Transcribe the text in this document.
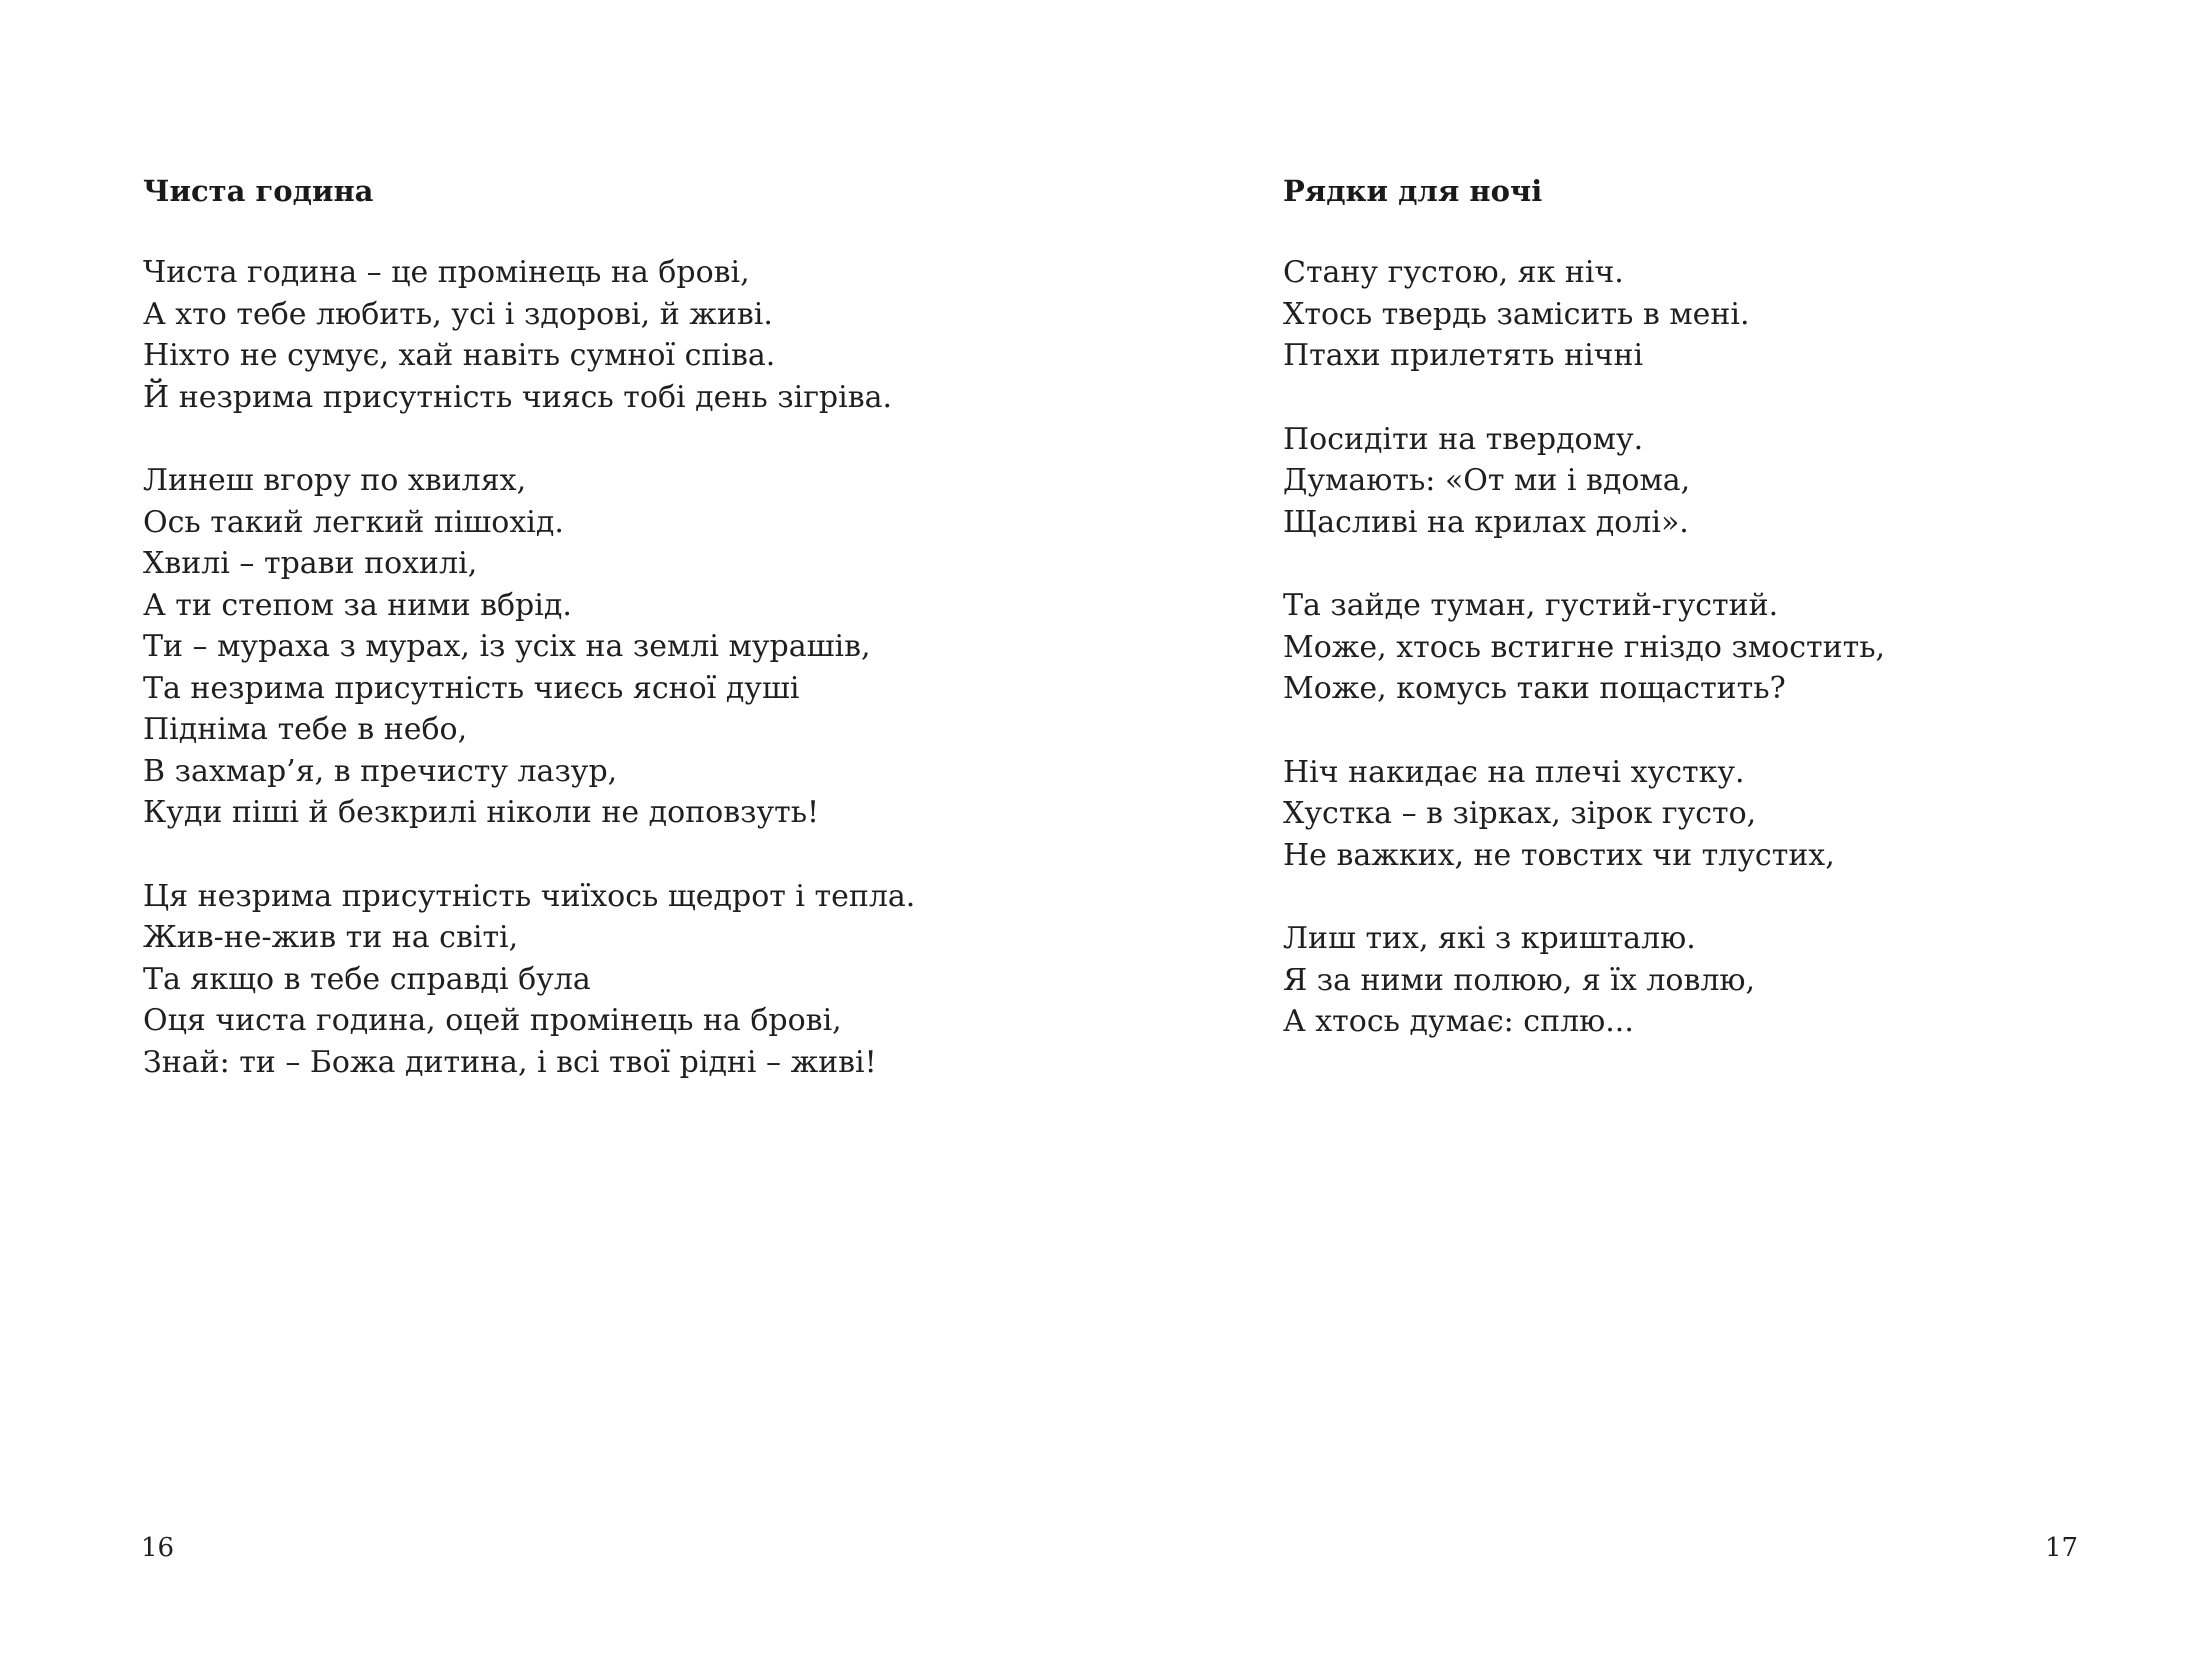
Чиста година
Чиста година – це промінець на брові,
А хто тебе любить, усі і здорові, й живі.
Ніхто не сумує, хай навіть сумної співа.
Й незрима присутність чиясь тобі день зігріва.
Линеш вгору по хвилях,
Ось такий легкий пішохід.
Хвилі – трави похилі,
А ти степом за ними вбрід.
Ти – мураха з мурах, із усіх на землі мурашів,
Та незрима присутність чиєсь ясної душі
Підніма тебе в небо,
В захмар’я, в пречисту лазур,
Куди піші й безкрилі ніколи не доповзуть!
Ця незрима присутність чиїхось щедрот і тепла.
Жив-не-жив ти на світі,
Та якщо в тебе справді була
Оця чиста година, оцей промінець на брові,
Знай: ти – Божа дитина, і всі твої рідні – живі!
16
Рядки для ночі
Стану густою, як ніч.
Хтось твердь замісить в мені.
Птахи прилетять нічні
Посидіти на твердому.
Думають: «От ми і вдома,
Щасливі на крилах долі».
Та зайде туман, густий-густий.
Може, хтось встигне гніздо змостить,
Може, комусь таки пощастить?
Ніч накидає на плечі хустку.
Хустка – в зірках, зірок густо,
Не важких, не товстих чи тлустих,
Лиш тих, які з кришталю.
Я за ними полюю, я їх ловлю,
А хтось думає: сплю...
17
